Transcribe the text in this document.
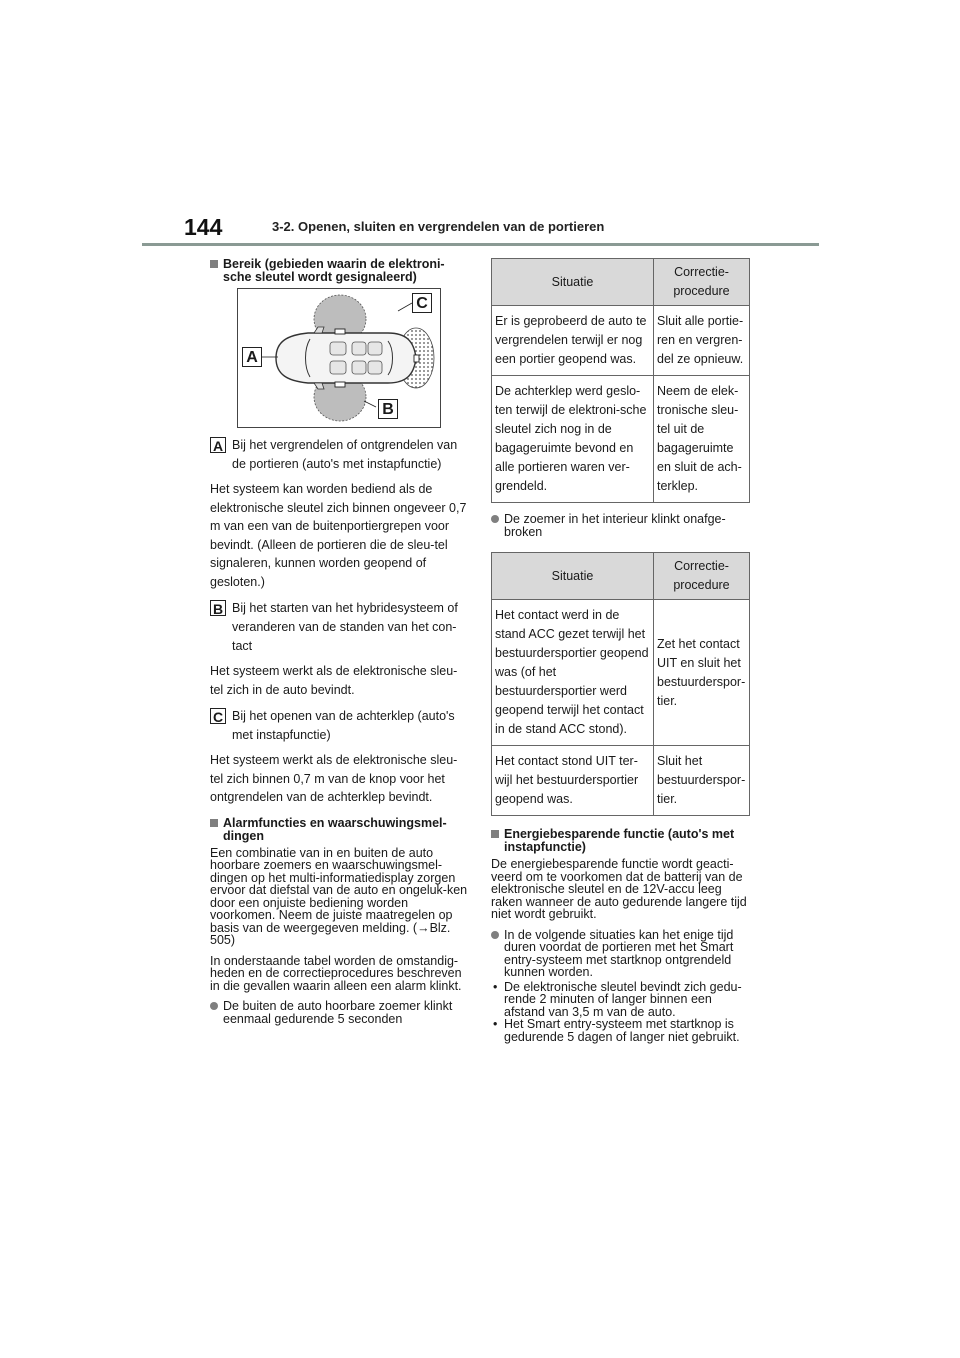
144	3-2. Openen, sluiten en vergrendelen van de portieren
Bereik (gebieden waarin de elektroni-sche sleutel wordt gesignaleerd)
A
C
B
A Bij het vergrendelen of ontgrendelen van de portieren (auto's met instapfunctie)

Het systeem kan worden bediend als de elektronische sleutel zich binnen ongeveer 0,7 m van een van de buitenportiergrepen voor bevindt. (Alleen de portieren die de sleu-tel signaleren, kunnen worden geopend of gesloten.)

B Bij het starten van het hybridesysteem of veranderen van de standen van het con-tact

Het systeem werkt als de elektronische sleu-tel zich in de auto bevindt.

C Bij het openen van de achterklep (auto's met instapfunctie)

Het systeem werkt als de elektronische sleu-tel zich binnen 0,7 m van de knop voor het ontgrendelen van de achterklep bevindt.

Alarmfuncties en waarschuwingsmel-dingen

Een combinatie van in en buiten de auto hoorbare zoemers en waarschuwingsmel-dingen op het multi-informatiedisplay zorgen ervoor dat diefstal van de auto en ongeluk-ken door een onjuiste bediening worden voorkomen. Neem de juiste maatregelen op basis van de weergegeven melding. (→Blz. 505)

In onderstaande tabel worden de omstandig-heden en de correctieprocedures beschreven in die gevallen waarin alleen een alarm klinkt.

De buiten de auto hoorbare zoemer klinkt eenmaal gedurende 5 seconden
Situatie	Correctie-procedure
Er is geprobeerd de auto te vergrendelen terwijl er nog een portier geopend was.	Sluit alle portie-ren en vergren-del ze opnieuw.
De achterklep werd geslo-ten terwijl de elektroni-sche sleutel zich nog in de bagageruimte bevond en alle portieren waren ver-grendeld.	Neem de elek-tronische sleu-tel uit de bagageruimte en sluit de ach-terklep.
De zoemer in het interieur klinkt onafge-broken
Situatie	Correctie-procedure
Het contact werd in de stand ACC gezet terwijl het bestuurdersportier geopend was (of het bestuurdersportier werd geopend terwijl het contact in de stand ACC stond).	Zet het contact UIT en sluit het bestuurderspor-tier.
Het contact stond UIT ter-wijl het bestuurdersportier geopend was.	Sluit het bestuurderspor-tier.
Energiebesparende functie (auto's met instapfunctie)

De energiebesparende functie wordt geacti-veerd om te voorkomen dat de batterij van de elektronische sleutel en de 12V-accu leeg raken wanneer de auto gedurende langere tijd niet wordt gebruikt.

In de volgende situaties kan het enige tijd duren voordat de portieren met het Smart entry-systeem met startknop ontgrendeld kunnen worden.
• De elektronische sleutel bevindt zich gedu-rende 2 minuten of langer binnen een afstand van 3,5 m van de auto.
• Het Smart entry-systeem met startknop is gedurende 5 dagen of langer niet gebruikt.
